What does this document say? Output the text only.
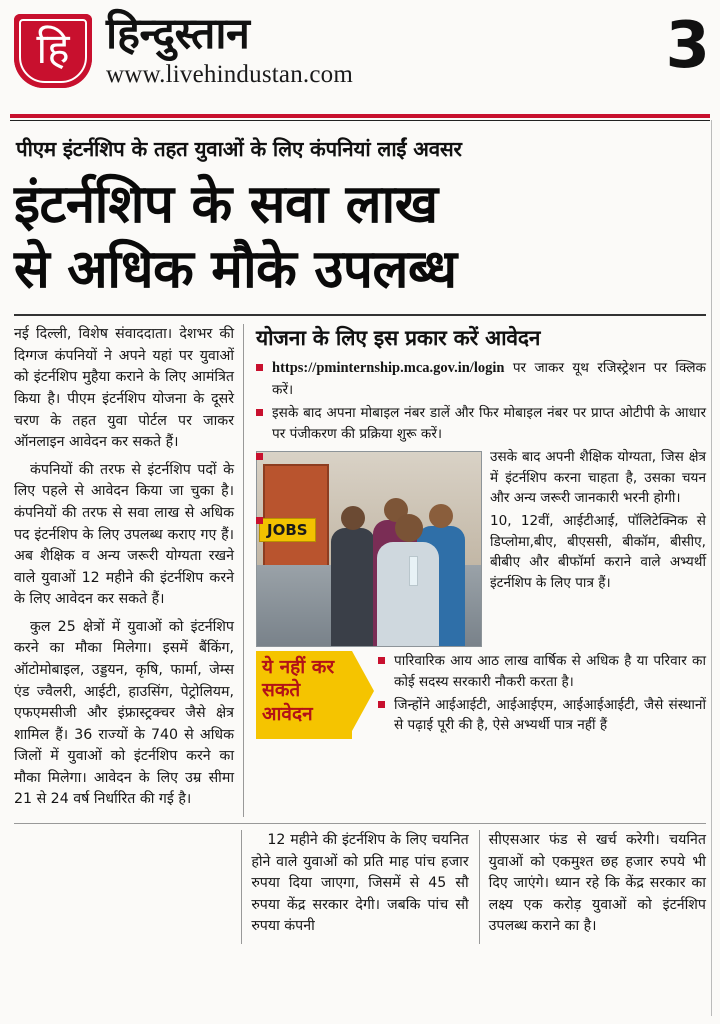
हि हिन्दुस्तान
www.livehindustan.com	3
पीएम इंटर्नशिप के तहत युवाओं के लिए कंपनियां लाईं अवसर
इंटर्नशिप के सवा लाख
से अधिक मौके उपलब्ध

नई दिल्ली, विशेष संवाददाता। देशभर की दिग्गज कंपनियों ने अपने यहां पर युवाओं को इंटर्नशिप मुहैया कराने के लिए आमंत्रित किया है। पीएम इंटर्नशिप योजना के दूसरे चरण के तहत युवा पोर्टल पर जाकर ऑनलाइन आवेदन कर सकते हैं।

कंपनियों की तरफ से इंटर्नशिप पदों के लिए पहले से आवेदन किया जा चुका है। कंपनियों की तरफ से सवा लाख से अधिक पद इंटर्नशिप के लिए उपलब्ध कराए गए हैं। अब शैक्षिक व अन्य जरूरी योग्यता रखने वाले युवाओं 12 महीने की इंटर्नशिप करने के लिए आवेदन कर सकते हैं।

कुल 25 क्षेत्रों में युवाओं को इंटर्नशिप करने का मौका मिलेगा। इसमें बैंकिंग, ऑटोमोबाइल, उड्डयन, कृषि, फार्मा, जेम्स एंड ज्वैलरी, आईटी, हाउसिंग, पेट्रोलियम, एफएमसीजी और इंफ्रास्ट्रक्चर जैसे क्षेत्र शामिल हैं। 36 राज्यों के 740 से अधिक जिलों में युवाओं को इंटर्नशिप करने का मौका मिलेगा। आवेदन के लिए उम्र सीमा 21 से 24 वर्ष निर्धारित की गई है।

योजना के लिए इस प्रकार करें आवेदन
https://pminternship.mca.gov.in/login पर जाकर यूथ रजिस्ट्रेशन पर क्लिक करें।
इसके बाद अपना मोबाइल नंबर डालें और फिर मोबाइल नंबर पर प्राप्त ओटीपी के आधार पर पंजीकरण की प्रक्रिया शुरू करें।
JOBS
उसके बाद अपनी शैक्षिक योग्यता, जिस क्षेत्र में इंटर्नशिप करना चाहता है, उसका चयन और अन्य जरूरी जानकारी भरनी होगी।
10, 12वीं, आईटीआई, पॉलिटेक्निक से डिप्लोमा,बीए, बीएससी, बीकॉम, बीसीए, बीबीए और बीफॉर्मा कराने वाले अभ्यर्थी इंटर्नशिप के लिए पात्र हैं।
ये नहीं कर
सकते
आवेदन
पारिवारिक आय आठ लाख वार्षिक से अधिक है या परिवार का कोई सदस्य सरकारी नौकरी करता है।
जिन्होंने आईआईटी, आईआईएम, आईआईआईटी, जैसे संस्थानों से पढ़ाई पूरी की है, ऐसे अभ्यर्थी पात्र नहीं हैं

12 महीने की इंटर्नशिप के लिए चयनित होने वाले युवाओं को प्रति माह पांच हजार रुपया दिया जाएगा, जिसमें से 45 सौ रुपया केंद्र सरकार देगी। जबकि पांच सौ रुपया कंपनी

सीएसआर फंड से खर्च करेगी। चयनित युवाओं को एकमुश्त छह हजार रुपये भी दिए जाएंगे। ध्यान रहे कि केंद्र सरकार का लक्ष्य एक करोड़ युवाओं को इंटर्नशिप उपलब्ध कराने का है।
